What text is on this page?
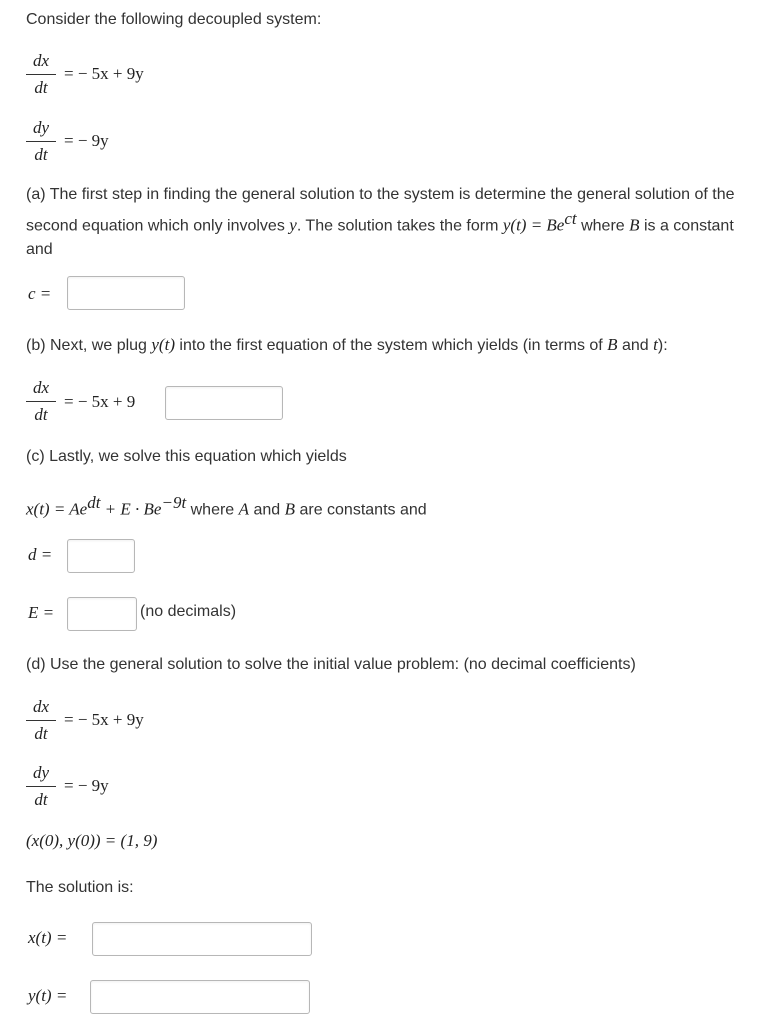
Consider the following decoupled system:
dx
dt
= − 5x + 9y
dy
dt
= − 9y
(a) The first step in finding the general solution to the system is determine the general solution of the second equation which only involves y. The solution takes the form $y(t) = Be^{ct}$ where B is a constant and
c =
(b) Next, we plug y(t) into the first equation of the system which yields (in terms of B and t):
dx
dt
= − 5x + 9
(c) Lastly, we solve this equation which yields
$x(t) = Ae^{dt} + E \cdot Be^{-9t}$ where A and B are constants and
d =
E =	(no decimals)
(d) Use the general solution to solve the initial value problem: (no decimal coefficients)
dx
dt
= − 5x + 9y
dy
dt
= − 9y
(x(0), y(0)) = (1, 9)
The solution is:
x(t) =
y(t) =
